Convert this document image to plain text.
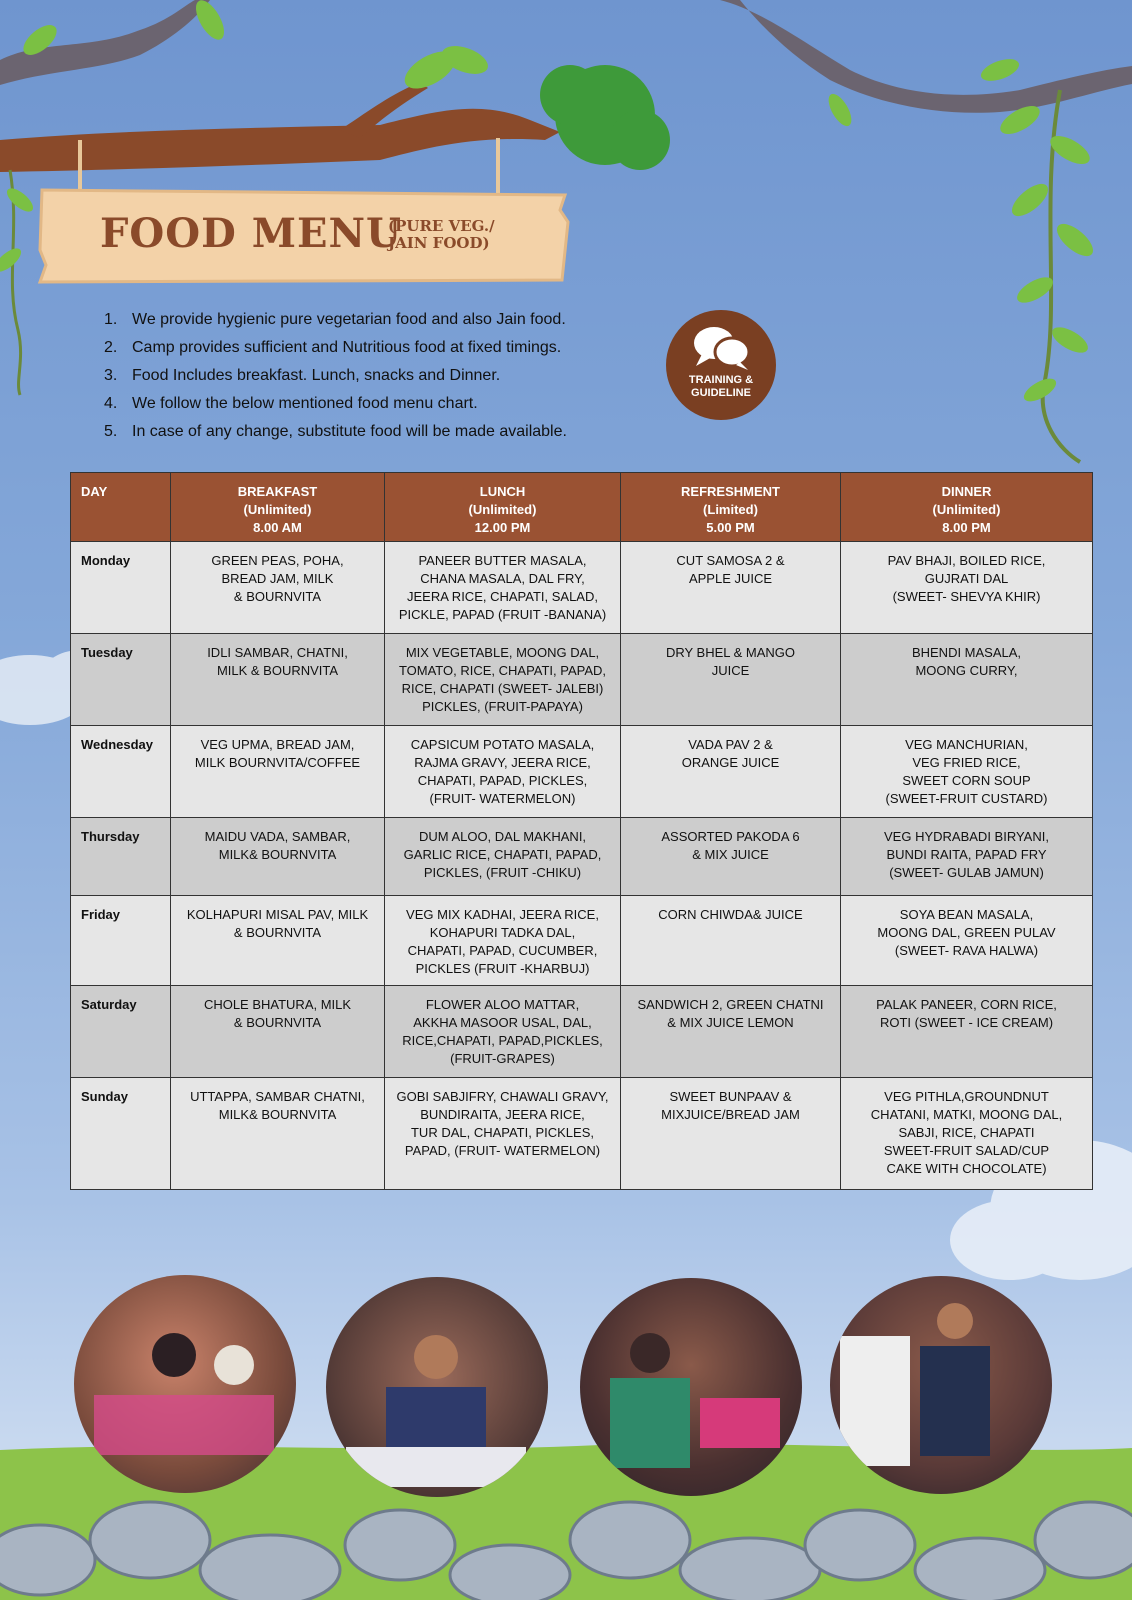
FOOD MENU
(PURE VEG./ JAIN FOOD)
1. We provide hygienic pure vegetarian food and also Jain food.
2. Camp provides sufficient and Nutritious food at fixed timings.
3. Food Includes breakfast. Lunch, snacks and Dinner.
4. We follow the below mentioned food menu chart.
5. In case of any change, substitute food will be made available.
TRAINING & GUIDELINE
DAY	BREAKFAST
(Unlimited)
8.00 AM	LUNCH
(Unlimited)
12.00 PM	REFRESHMENT
(Limited)
5.00 PM	DINNER
(Unlimited)
8.00 PM

Monday	GREEN PEAS, POHA,
BREAD JAM, MILK
& BOURNVITA	PANEER BUTTER MASALA,
CHANA MASALA, DAL FRY,
JEERA RICE, CHAPATI, SALAD,
PICKLE, PAPAD (FRUIT -BANANA)	CUT SAMOSA 2 &
APPLE JUICE	PAV BHAJI, BOILED RICE,
GUJRATI DAL
(SWEET- SHEVYA KHIR)

Tuesday	IDLI SAMBAR, CHATNI,
MILK & BOURNVITA	MIX VEGETABLE, MOONG DAL,
TOMATO, RICE, CHAPATI, PAPAD,
RICE, CHAPATI (SWEET- JALEBI)
PICKLES, (FRUIT-PAPAYA)	DRY BHEL & MANGO
JUICE	BHENDI MASALA,
MOONG CURRY,

Wednesday	VEG UPMA, BREAD JAM,
MILK BOURNVITA/COFFEE	CAPSICUM POTATO MASALA,
RAJMA GRAVY, JEERA RICE,
CHAPATI, PAPAD, PICKLES,
(FRUIT- WATERMELON)	VADA PAV 2 &
ORANGE JUICE	VEG MANCHURIAN,
VEG FRIED RICE,
SWEET CORN SOUP
(SWEET-FRUIT CUSTARD)

Thursday	MAIDU VADA, SAMBAR,
MILK& BOURNVITA	DUM ALOO, DAL MAKHANI,
GARLIC RICE, CHAPATI, PAPAD,
PICKLES, (FRUIT -CHIKU)	ASSORTED PAKODA 6
& MIX JUICE	VEG HYDRABADI BIRYANI,
BUNDI RAITA, PAPAD FRY
(SWEET- GULAB JAMUN)

Friday	KOLHAPURI MISAL PAV, MILK
& BOURNVITA	VEG MIX KADHAI, JEERA RICE,
KOHAPURI TADKA DAL,
CHAPATI, PAPAD, CUCUMBER,
PICKLES (FRUIT -KHARBUJ)	CORN CHIWDA& JUICE	SOYA BEAN MASALA,
MOONG DAL, GREEN PULAV
(SWEET- RAVA HALWA)

Saturday	CHOLE BHATURA, MILK
& BOURNVITA	FLOWER ALOO MATTAR,
AKKHA MASOOR USAL, DAL,
RICE,CHAPATI, PAPAD,PICKLES,
(FRUIT-GRAPES)	SANDWICH 2, GREEN CHATNI
& MIX JUICE LEMON	PALAK PANEER, CORN RICE,
ROTI (SWEET - ICE CREAM)

Sunday	UTTAPPA, SAMBAR CHATNI,
MILK& BOURNVITA	GOBI SABJIFRY, CHAWALI GRAVY,
BUNDIRAITA, JEERA RICE,
TUR DAL, CHAPATI, PICKLES,
PAPAD, (FRUIT- WATERMELON)	SWEET BUNPAAV &
MIXJUICE/BREAD JAM	VEG PITHLA,GROUNDNUT
CHATANI, MATKI, MOONG DAL,
SABJI, RICE, CHAPATI
SWEET-FRUIT SALAD/CUP
CAKE WITH CHOCOLATE)
